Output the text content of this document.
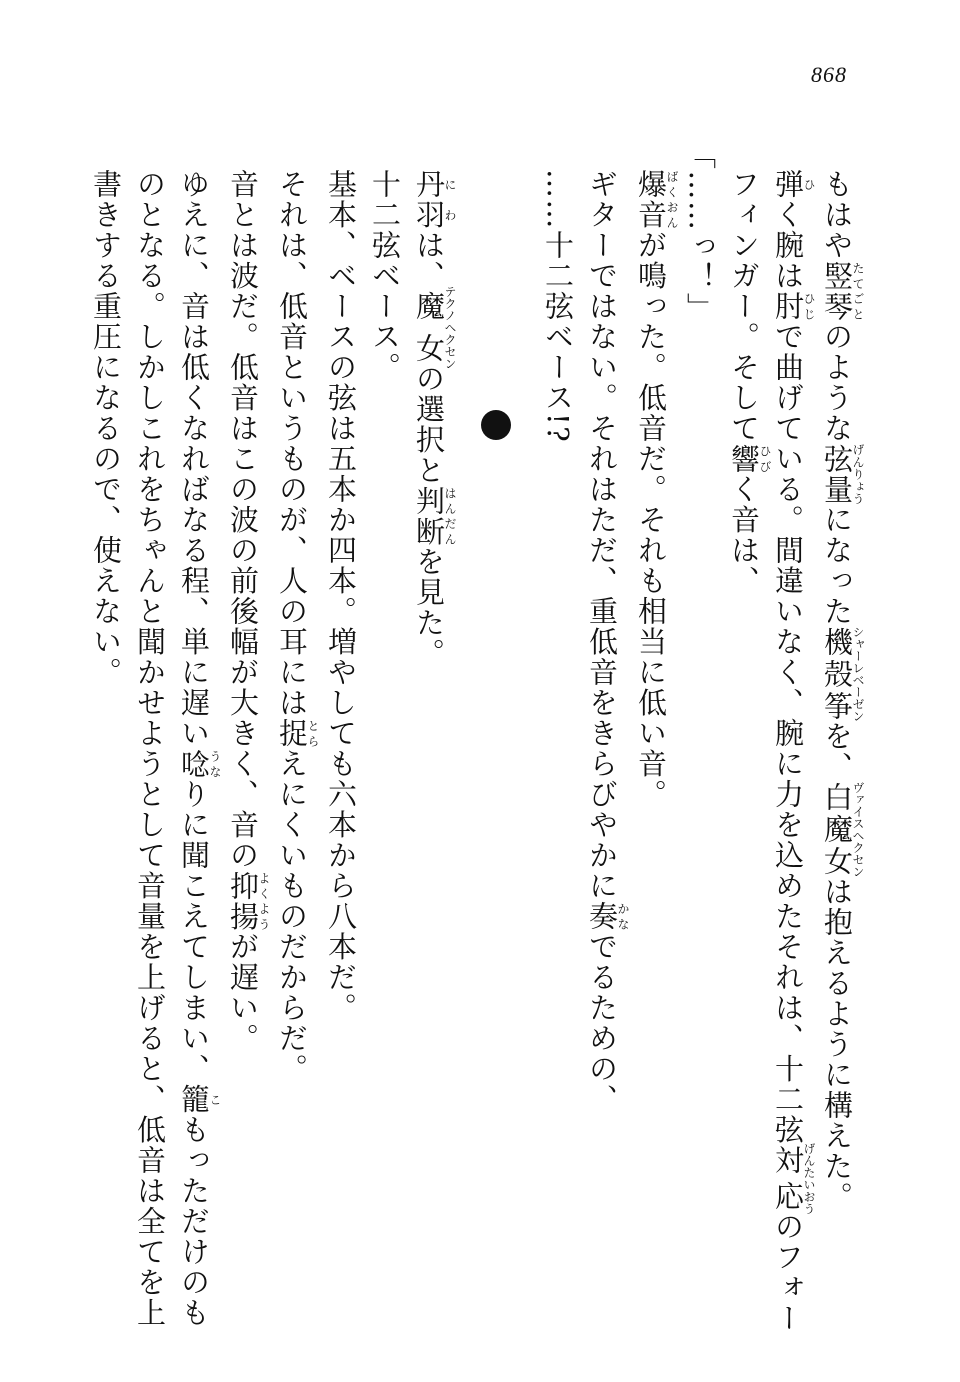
868

もはや竪琴たてごとのような弦量げんりょうになった機殻筝シャーレベーゼンを、白魔女ヴァイスヘクセンは抱えるように構えた。

弾ひく腕は肘ひじで曲げている。間違いなく、腕に力を込めたそれは、十二弦対応げんたいおうのフォーフィンガー。そして響ひびく音は、

「……っ！」

爆音ばくおんが鳴った。低音だ。それも相当に低い音。

ギターではない。それはただ、重低音をきらびやかに奏かなでるための、

……十二弦ベース!?

丹羽にわは、魔女テクノヘクセンの選択と判断はんだんを見た。

十二弦ベース。

基本、ベースの弦は五本か四本。増やしても六本から八本だ。

それは、低音というものが、人の耳には捉とらえにくいものだからだ。

音とは波だ。低音はこの波の前後幅が大きく、音の抑揚よくようが遅い。

ゆえに、音は低くなればなる程、単に遅い唸うなりに聞こえてしまい、籠こもっただけのものとなる。しかしこれをちゃんと聞かせようとして音量を上げると、低音は全てを上書きする重圧になるので、使えない。
